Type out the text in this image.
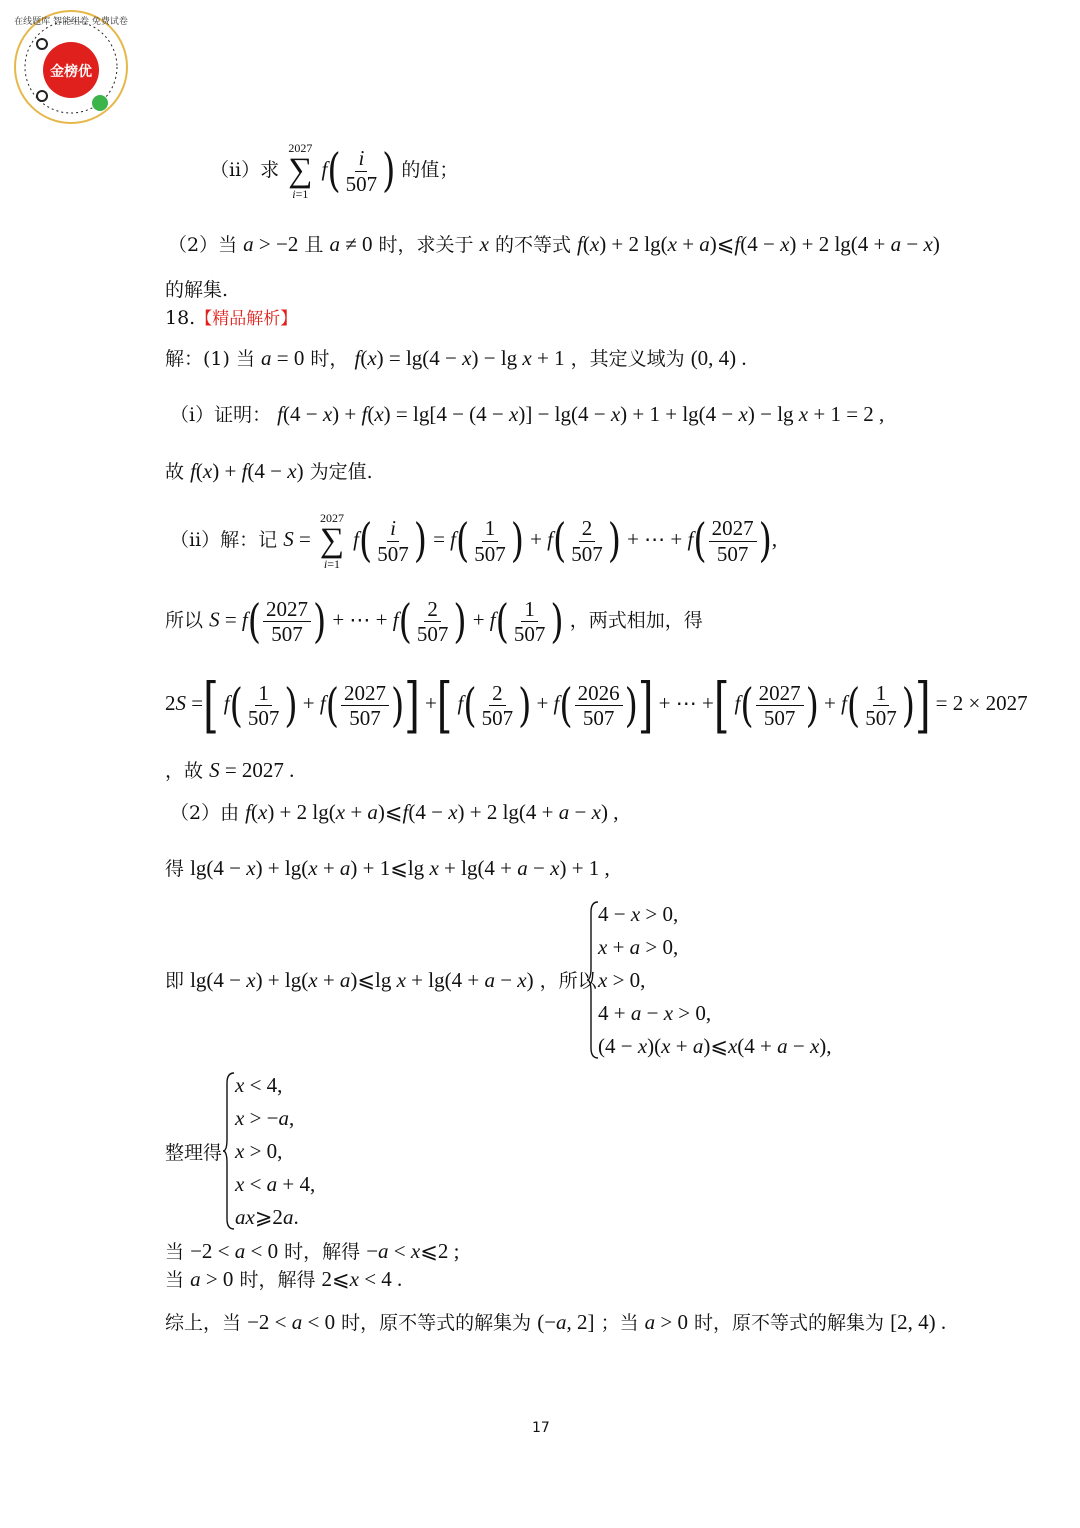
金榜优
在线题库 智能组卷 免费试卷
（ⅱ）求
2027
∑
i=1
$f( \frac{i}{507}$ ) 的值；
（2）当 a > −2 且 a ≠ 0 时，求关于 x 的不等式 f(x) + 2 lg(x + a)⩽f(4 − x) + 2 lg(4 + a − x)
的解集.
18.【精品解析】
解：(1) 当 a = 0 时， f(x) = lg(4 − x) − lg x + 1 ，其定义域为 (0, 4) .
（ⅰ）证明： f(4 − x) + f(x) = lg[4 − (4 − x)] − lg(4 − x) + 1 + lg(4 − x) − lg x + 1 = 2 ,
故 f(x) + f(4 − x) 为定值.
（ⅱ）解：记 S =
2027
∑
i=1
$f( \frac{i}{507}$ ) = $f( \frac{1}{507}$ ) + $f( \frac{2}{507}$ ) + ⋯ + $f( \frac{2027}{507}$ ),
所以 $S = f( \frac{2027}{507}$ ) + ⋯ + $f( \frac{2}{507}$ ) + $f( \frac{1}{507}$ ) ，两式相加，得
2S =[ $f( \frac{1}{507}$ ) + $f( \frac{2027}{507}$ )] +[ $f( \frac{2}{507}$ ) + $f( \frac{2026}{507}$ )] + ⋯ +[ $f( \frac{2027}{507}$ ) + $f( \frac{1}{507}$ )] = 2 × 2027
，故 S = 2027 .
（2）由 f(x) + 2 lg(x + a)⩽f(4 − x) + 2 lg(4 + a − x) ,
得 lg(4 − x) + lg(x + a) + 1⩽lg x + lg(4 + a − x) + 1 ,
即 lg(4 − x) + lg(x + a)⩽lg x + lg(4 + a − x) ，所以
4 − x > 0,
x + a > 0,
x > 0,
4 + a − x > 0,
(4 − x)(x + a)⩽x(4 + a − x),
整理得
x < 4,
x > −a,
x > 0,
x < a + 4,
ax⩾2a.
当 −2 < a < 0 时，解得 −a < x⩽2 ;
当 a > 0 时，解得 2⩽x < 4 .
综上，当 −2 < a < 0 时，原不等式的解集为 (−a, 2] ；当 a > 0 时，原不等式的解集为 [2, 4) .
17
